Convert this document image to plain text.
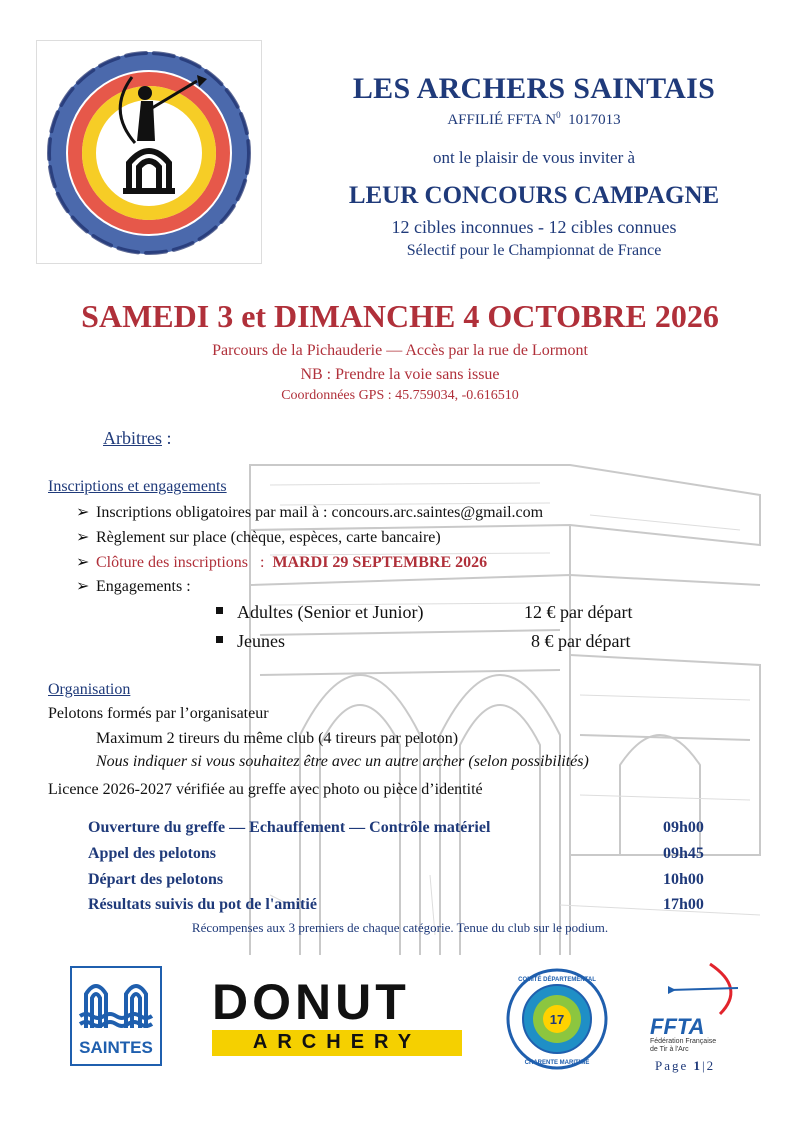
LES ARCHERS SAINTAIS
AFFILIÉ FFTA $N^0$ 1017013
ont le plaisir de vous inviter à
LEUR CONCOURS CAMPAGNE
12 cibles inconnues - 12 cibles connues
Sélectif pour le Championnat de France
SAMEDI 3 et DIMANCHE 4 OCTOBRE 2026
Parcours de la Pichauderie — Accès par la rue de Lormont
NB : Prendre la voie sans issue
Coordonnées GPS : 45.759034, -0.616510
Arbitres :
Inscriptions et engagements
➢ Inscriptions obligatoires par mail à : concours.arc.saintes@gmail.com
➢ Règlement sur place (chèque, espèces, carte bancaire)
➢ Clôture des inscriptions   : MARDI 29 SEPTEMBRE 2026
➢ Engagements :
Adultes (Senior et Junior)	12 € par départ
Jeunes	8 € par départ
Organisation
Pelotons formés par l’organisateur
Maximum 2 tireurs du même club (4 tireurs par peloton)
Nous indiquer si vous souhaitez être avec un autre archer (selon possibilités)
Licence 2026-2027 vérifiée au greffe avec photo ou pièce d’identité
Ouverture du greffe — Echauffement — Contrôle matériel	09h00
Appel des pelotons	09h45
Départ des pelotons	10h00
Résultats suivis du pot de l'amitié	17h00
Récompenses aux 3 premiers de chaque catégorie. Tenue du club sur le podium.
SAINTES
DONUT
ARCHERY
17
COMITÉ DÉPARTEMENTAL
CHARENTE MARITIME
FFTA
Fédération Française
de Tir à l'Arc
Page 1|2
